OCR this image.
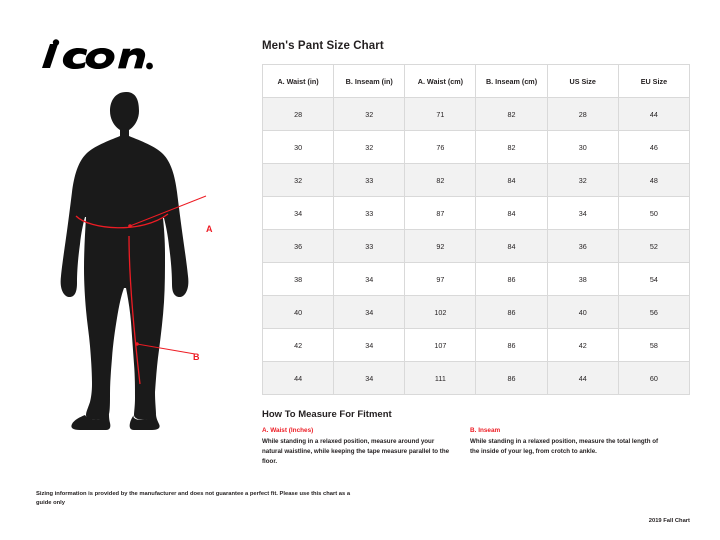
A
B
Sizing information is provided by the manufacturer and does not guarantee a perfect fit. Please use this chart as a guide only
Men's Pant Size Chart
A. Waist (in)	B. Inseam (in)	A. Waist (cm)	B. Inseam (cm)	US Size	EU Size
28	32	71	82	28	44
30	32	76	82	30	46
32	33	82	84	32	48
34	33	87	84	34	50
36	33	92	84	36	52
38	34	97	86	38	54
40	34	102	86	40	56
42	34	107	86	42	58
44	34	111	86	44	60
How To Measure For Fitment
A. Waist (Inches)
While standing in a relaxed position, measure around your natural waistline, while keeping the tape measure parallel to the floor.
B. Inseam
While standing in a relaxed position, measure the total length of the inside of your leg, from crotch to ankle.
2019 Fall Chart
